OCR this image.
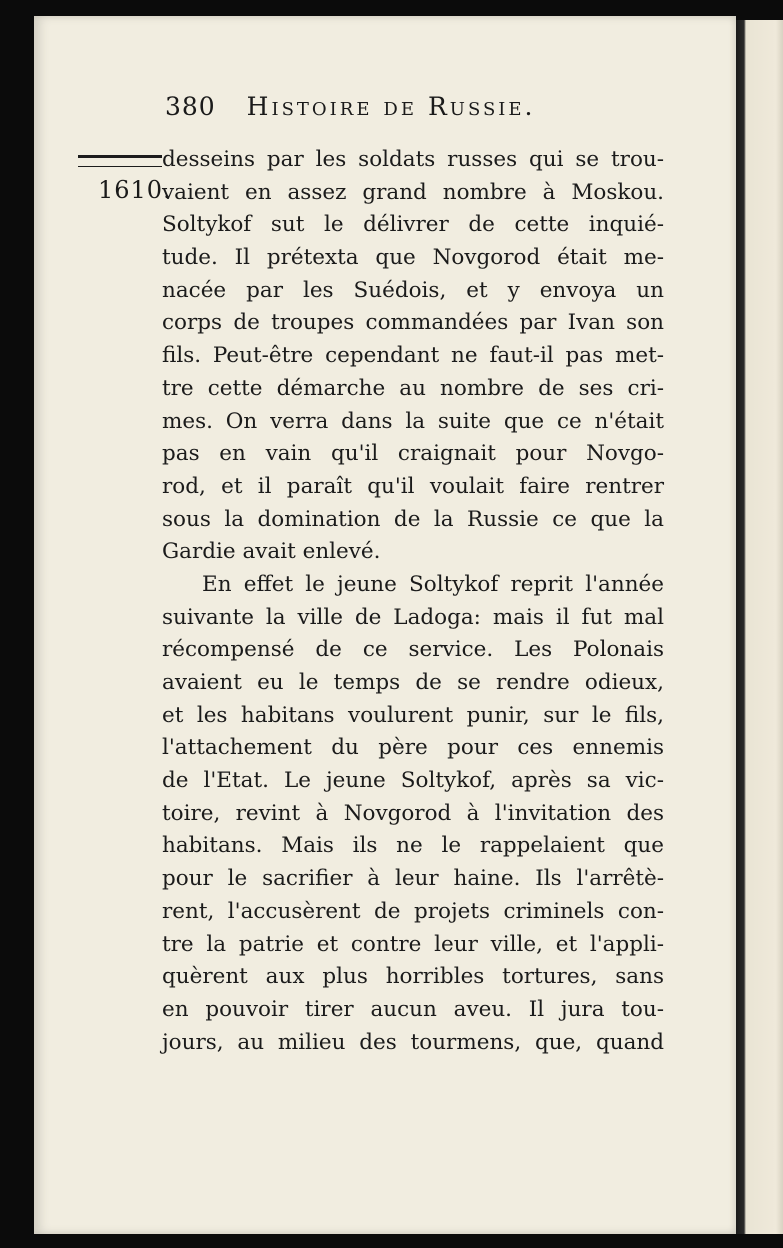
380 Histoire de Russie.
1610.
desseins par les soldats russes qui se trou-
vaient en assez grand nombre à Moskou.
Soltykof sut le délivrer de cette inquié-
tude. Il prétexta que Novgorod était me-
nacée par les Suédois, et y envoya un
corps de troupes commandées par Ivan son
fils. Peut-être cependant ne faut-il pas met-
tre cette démarche au nombre de ses cri-
mes. On verra dans la suite que ce n'était
pas en vain qu'il craignait pour Novgo-
rod, et il paraît qu'il voulait faire rentrer
sous la domination de la Russie ce que la
Gardie avait enlevé.
En effet le jeune Soltykof reprit l'année
suivante la ville de Ladoga: mais il fut mal
récompensé de ce service. Les Polonais
avaient eu le temps de se rendre odieux,
et les habitans voulurent punir, sur le fils,
l'attachement du père pour ces ennemis
de l'Etat. Le jeune Soltykof, après sa vic-
toire, revint à Novgorod à l'invitation des
habitans. Mais ils ne le rappelaient que
pour le sacrifier à leur haine. Ils l'arrêtè-
rent, l'accusèrent de projets criminels con-
tre la patrie et contre leur ville, et l'appli-
quèrent aux plus horribles tortures, sans
en pouvoir tirer aucun aveu. Il jura tou-
jours, au milieu des tourmens, que, quand
